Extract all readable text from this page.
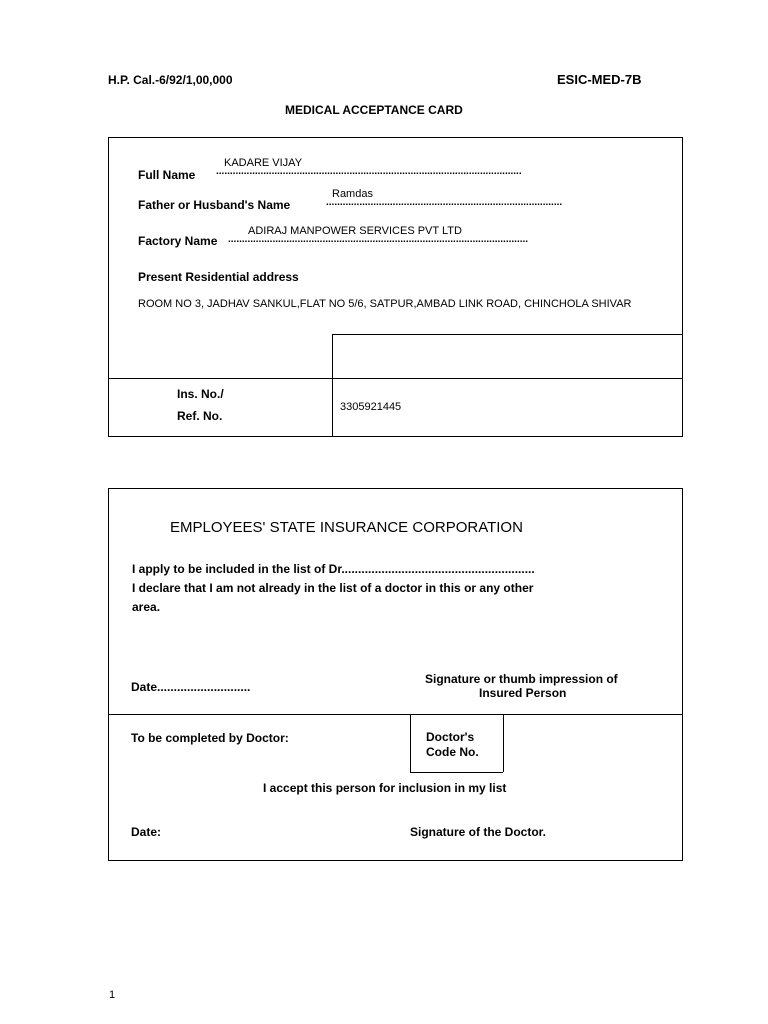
H.P. Cal.-6/92/1,00,000	ESIC-MED-7B
MEDICAL ACCEPTANCE CARD
Full Name ..............................................................................................................
KADARE VIJAY
Father or Husband's Name	.....................................................................................
Ramdas
Factory Name ............................................................................................................
ADIRAJ MANPOWER SERVICES PVT LTD
Present Residential address
ROOM NO 3, JADHAV SANKUL,FLAT NO 5/6, SATPUR,AMBAD LINK ROAD, CHINCHOLA SHIVAR
Ins. No./
Ref. No.
3305921445
EMPLOYEES' STATE INSURANCE CORPORATION
I apply to be included in the list of Dr..........................................................
I declare that I am not already in the list of a doctor in this or any other
area.
Date............................
Signature or thumb impression of
Insured Person
To be completed by Doctor:	Doctor's
Code No.
I accept this person for inclusion in my list
Date:	Signature of the Doctor.
1
